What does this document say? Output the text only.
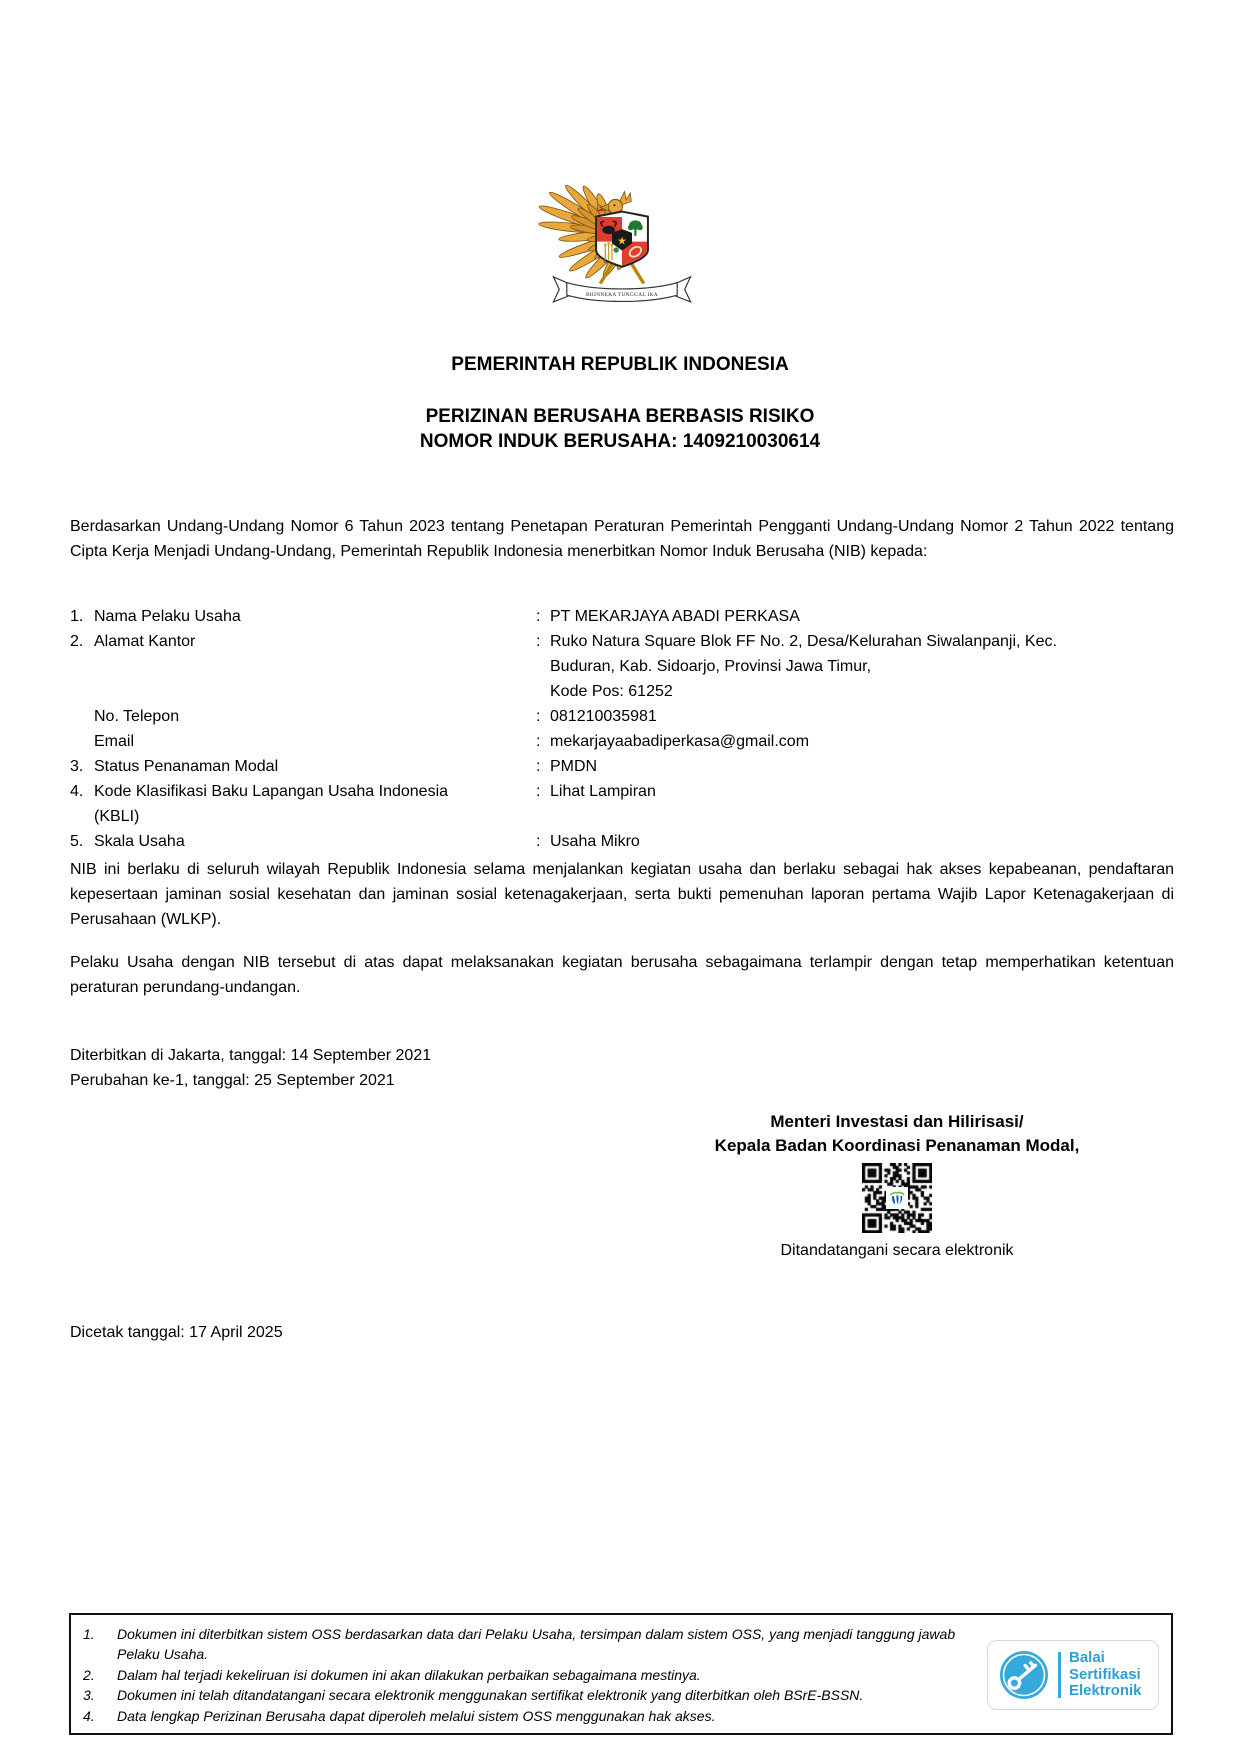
BHINNEKA TUNGGAL IKA
★
PEMERINTAH REPUBLIK INDONESIA
PERIZINAN BERUSAHA BERBASIS RISIKO
NOMOR INDUK BERUSAHA: 1409210030614
Berdasarkan Undang-Undang Nomor 6 Tahun 2023 tentang Penetapan Peraturan Pemerintah Pengganti Undang-Undang Nomor 2 Tahun 2022 tentang Cipta Kerja Menjadi Undang-Undang, Pemerintah Republik Indonesia menerbitkan Nomor Induk Berusaha (NIB) kepada:
1. Nama Pelaku Usaha	: PT MEKARJAYA ABADI PERKASA
2. Alamat Kantor	: Ruko Natura Square Blok FF No. 2, Desa/Kelurahan Siwalanpanji, Kec.
Buduran, Kab. Sidoarjo, Provinsi Jawa Timur,
Kode Pos: 61252
No. Telepon	: 081210035981
Email	: mekarjayaabadiperkasa@gmail.com
3. Status Penanaman Modal	: PMDN
4. Kode Klasifikasi Baku Lapangan Usaha Indonesia
(KBLI)
: Lihat Lampiran
5. Skala Usaha	: Usaha Mikro
NIB ini berlaku di seluruh wilayah Republik Indonesia selama menjalankan kegiatan usaha dan berlaku sebagai hak akses kepabeanan, pendaftaran kepesertaan jaminan sosial kesehatan dan jaminan sosial ketenagakerjaan, serta bukti pemenuhan laporan pertama Wajib Lapor Ketenagakerjaan di Perusahaan (WLKP).
Pelaku Usaha dengan NIB tersebut di atas dapat melaksanakan kegiatan berusaha sebagaimana terlampir dengan tetap memperhatikan ketentuan peraturan perundang-undangan.
Diterbitkan di Jakarta, tanggal: 14 September 2021
Perubahan ke-1, tanggal: 25 September 2021
Menteri Investasi dan Hilirisasi/
Kepala Badan Koordinasi Penanaman Modal,
Ditandatangani secara elektronik
Dicetak tanggal: 17 April 2025
1.	Dokumen ini diterbitkan sistem OSS berdasarkan data dari Pelaku Usaha, tersimpan dalam sistem OSS, yang menjadi tanggung jawab Pelaku Usaha.
2.	Dalam hal terjadi kekeliruan isi dokumen ini akan dilakukan perbaikan sebagaimana mestinya.
3.	Dokumen ini telah ditandatangani secara elektronik menggunakan sertifikat elektronik yang diterbitkan oleh BSrE-BSSN.
4.	Data lengkap Perizinan Berusaha dapat diperoleh melalui sistem OSS menggunakan hak akses.
Balai
Sertifikasi
Elektronik
